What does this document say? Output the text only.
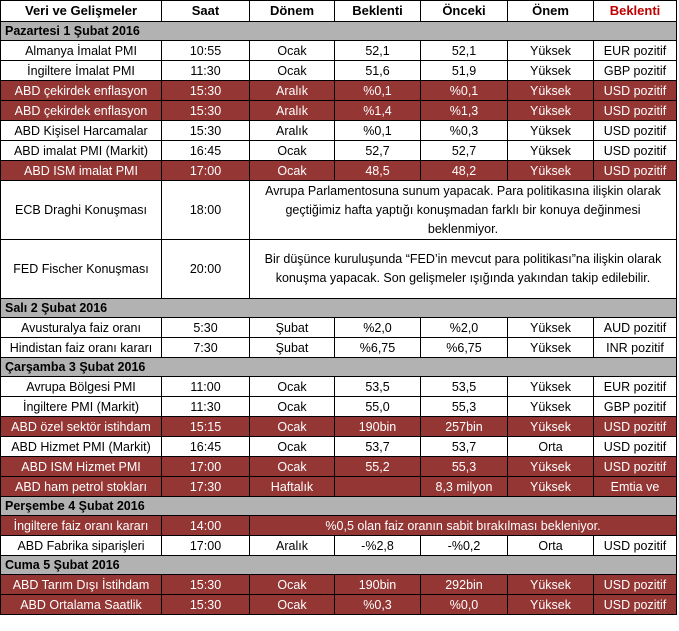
Veri ve Gelişmeler	Saat	Dönem	Beklenti	Önceki	Önem	Beklenti
Pazartesi 1 Şubat 2016						
Almanya İmalat PMI	10:55	Ocak	52,1	52,1	Yüksek	EUR pozitif
İngiltere İmalat PMI	11:30	Ocak	51,6	51,9	Yüksek	GBP pozitif
ABD çekirdek enflasyon	15:30	Aralık	%0,1	%0,1	Yüksek	USD pozitif
ABD çekirdek enflasyon	15:30	Aralık	%1,4	%1,3	Yüksek	USD pozitif
ABD Kişisel Harcamalar	15:30	Aralık	%0,1	%0,3	Yüksek	USD pozitif
ABD imalat PMI (Markit)	16:45	Ocak	52,7	52,7	Yüksek	USD pozitif
ABD ISM imalat PMI	17:00	Ocak	48,5	48,2	Yüksek	USD pozitif
ECB Draghi Konuşması	18:00	Avrupa Parlamentosuna sunum yapacak. Para politikasına ilişkin olarak geçtiğimiz hafta yaptığı konuşmadan farklı bir konuya değinmesi beklenmiyor.				
FED Fischer Konuşması	20:00	Bir düşünce kuruluşunda “FED’in mevcut para politikası”na ilişkin olarak konuşma yapacak. Son gelişmeler ışığında yakından takip edilebilir.				
Salı 2 Şubat 2016						
Avusturalya faiz oranı	5:30	Şubat	%2,0	%2,0	Yüksek	AUD pozitif
Hindistan faiz oranı kararı	7:30	Şubat	%6,75	%6,75	Yüksek	INR pozitif
Çarşamba 3 Şubat 2016						
Avrupa Bölgesi PMI	11:00	Ocak	53,5	53,5	Yüksek	EUR pozitif
İngiltere PMI (Markit)	11:30	Ocak	55,0	55,3	Yüksek	GBP pozitif
ABD özel sektör istihdam	15:15	Ocak	190bin	257bin	Yüksek	USD pozitif
ABD Hizmet PMI (Markit)	16:45	Ocak	53,7	53,7	Orta	USD pozitif
ABD ISM Hizmet PMI	17:00	Ocak	55,2	55,3	Yüksek	USD pozitif
ABD ham petrol stokları	17:30	Haftalık		8,3 milyon	Yüksek	Emtia ve
Perşembe 4 Şubat 2016						
İngiltere faiz oranı kararı	14:00	%0,5 olan faiz oranın sabit bırakılması bekleniyor.				
ABD Fabrika siparişleri	17:00	Aralık	-%2,8	-%0,2	Orta	USD pozitif
Cuma 5 Şubat 2016						
ABD Tarım Dışı İstihdam	15:30	Ocak	190bin	292bin	Yüksek	USD pozitif
ABD Ortalama Saatlik	15:30	Ocak	%0,3	%0,0	Yüksek	USD pozitif
